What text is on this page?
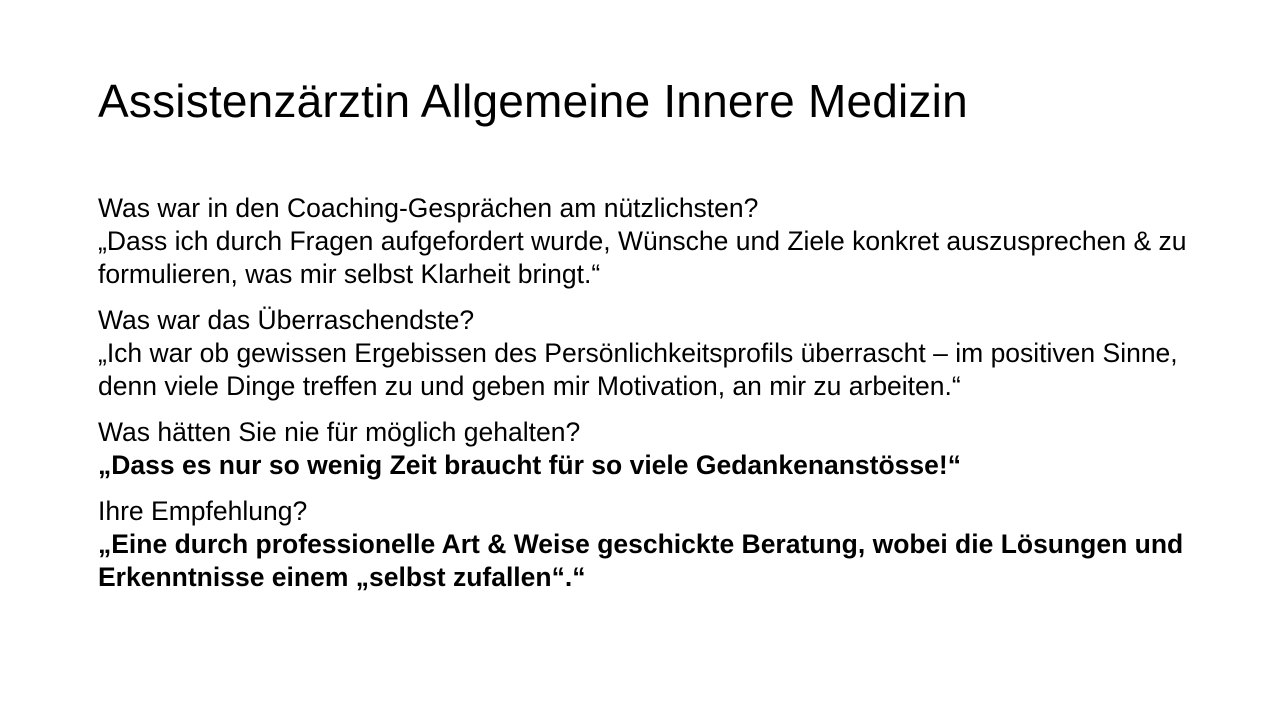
Assistenzärztin Allgemeine Innere Medizin
Was war in den Coaching-Gesprächen am nützlichsten?
„Dass ich durch Fragen aufgefordert wurde, Wünsche und Ziele konkret auszusprechen & zu formulieren, was mir selbst Klarheit bringt.“
Was war das Überraschendste?
„Ich war ob gewissen Ergebissen des Persönlichkeitsprofils überrascht – im positiven Sinne, denn viele Dinge treffen zu und geben mir Motivation, an mir zu arbeiten.“
Was hätten Sie nie für möglich gehalten?
„Dass es nur so wenig Zeit braucht für so viele Gedankenanstösse!“
Ihre Empfehlung?
„Eine durch professionelle Art & Weise geschickte Beratung, wobei die Lösungen und Erkenntnisse einem „selbst zufallen“.“
